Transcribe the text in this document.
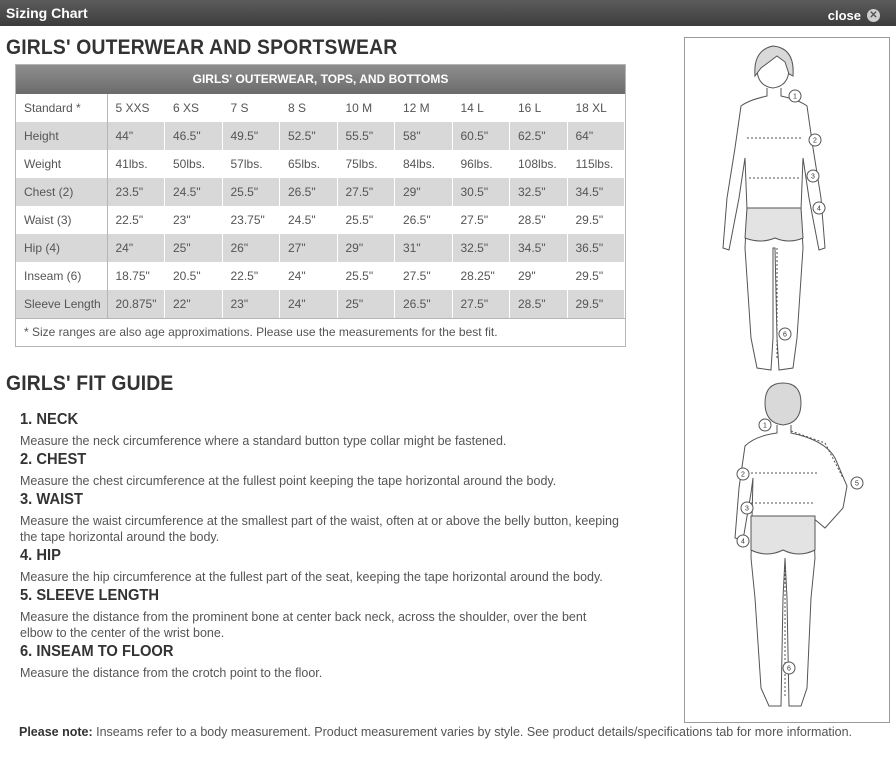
Sizing Chart	close ✕
GIRLS' OUTERWEAR AND SPORTSWEAR
GIRLS' OUTERWEAR, TOPS, AND BOTTOMS
Standard *	5 XXS	6 XS	7 S	8 S	10 M	12 M	14 L	16 L	18 XL
Height	44"	46.5"	49.5"	52.5"	55.5"	58"	60.5"	62.5"	64"
Weight	41lbs.	50lbs.	57lbs.	65lbs.	75lbs.	84lbs.	96lbs.	108lbs.	115lbs.
Chest (2)	23.5"	24.5"	25.5"	26.5"	27.5"	29"	30.5"	32.5"	34.5"
Waist (3)	22.5"	23"	23.75"	24.5"	25.5"	26.5"	27.5"	28.5"	29.5"
Hip (4)	24"	25"	26"	27"	29"	31"	32.5"	34.5"	36.5"
Inseam (6)	18.75"	20.5"	22.5"	24"	25.5"	27.5"	28.25"	29"	29.5"
Sleeve Length	20.875"	22"	23"	24"	25"	26.5"	27.5"	28.5"	29.5"
* Size ranges are also age approximations. Please use the measurements for the best fit.
GIRLS' FIT GUIDE
1. NECK
Measure the neck circumference where a standard button type collar might be fastened.
2. CHEST
Measure the chest circumference at the fullest point keeping the tape horizontal around the body.
3. WAIST
Measure the waist circumference at the smallest part of the waist, often at or above the belly button, keeping the tape horizontal around the body.
4. HIP
Measure the hip circumference at the fullest part of the seat, keeping the tape horizontal around the body.
5. SLEEVE LENGTH
Measure the distance from the prominent bone at center back neck, across the shoulder, over the bent elbow to the center of the wrist bone.
6. INSEAM TO FLOOR
Measure the distance from the crotch point to the floor.
Please note: Inseams refer to a body measurement. Product measurement varies by style. See product details/specifications tab for more information.
1
2
3
4
6
1
2
3
4
5
6
